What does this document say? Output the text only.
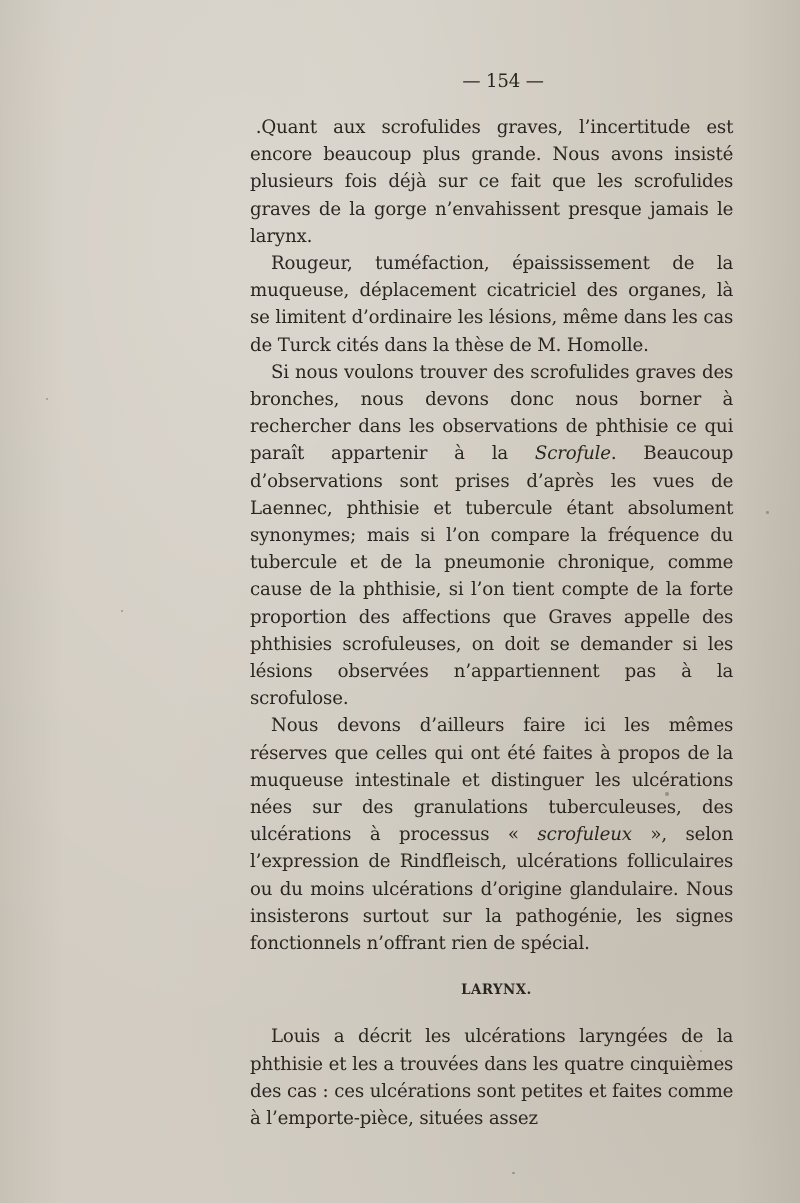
— 154 —

.Quant aux scrofulides graves, l’incertitude est encore beaucoup plus grande. Nous avons insisté plusieurs fois déjà sur ce fait que les scrofulides graves de la gorge n’envahissent presque jamais le larynx.

Rougeur, tuméfaction, épaississement de la muqueuse, déplacement cicatriciel des organes, là se limitent d’ordinaire les lésions, même dans les cas de Turck cités dans la thèse de M. Homolle.

Si nous voulons trouver des scrofulides graves des bronches, nous devons donc nous borner à rechercher dans les observations de phthisie ce qui paraît appartenir à la Scrofule. Beaucoup d’observations sont prises d’après les vues de Laennec, phthisie et tubercule étant absolument synonymes; mais si l’on compare la fréquence du tubercule et de la pneumonie chronique, comme cause de la phthisie, si l’on tient compte de la forte proportion des affections que Graves appelle des phthisies scrofuleuses, on doit se demander si les lésions observées n’appartiennent pas à la scrofulose.

Nous devons d’ailleurs faire ici les mêmes réserves que celles qui ont été faites à propos de la muqueuse intestinale et distinguer les ulcérations nées sur des granulations tuberculeuses, des ulcérations à processus « scrofuleux », selon l’expression de Rindfleisch, ulcérations folliculaires ou du moins ulcérations d’origine glandulaire. Nous insisterons surtout sur la pathogénie, les signes fonctionnels n’offrant rien de spécial.

LARYNX.

Louis a décrit les ulcérations laryngées de la phthisie et les a trouvées dans les quatre cinquièmes des cas : ces ulcérations sont petites et faites comme à l’emporte-pièce, situées assez
